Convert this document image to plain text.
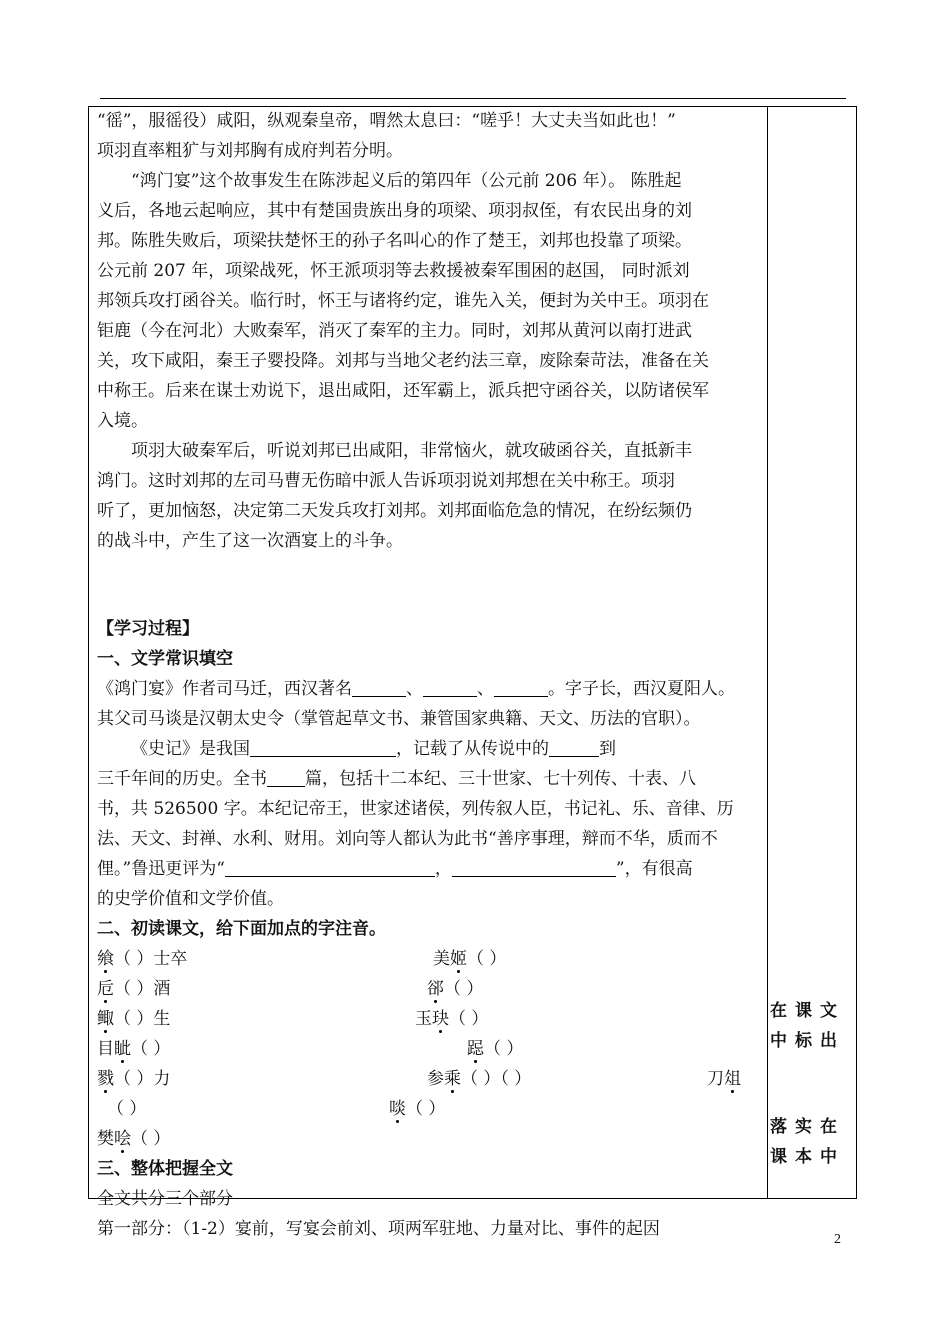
“徭”，服徭役）咸阳，纵观秦皇帝，喟然太息曰：“嗟乎！大丈夫当如此也！”

项羽直率粗犷与刘邦胸有成府判若分明。

“鸿门宴”这个故事发生在陈涉起义后的第四年（公元前 206 年）。 陈胜起

义后，各地云起响应，其中有楚国贵族出身的项梁、项羽叔侄，有农民出身的刘

邦。陈胜失败后，项梁扶楚怀王的孙子名叫心的作了楚王，刘邦也投靠了项梁。

公元前 207 年，项梁战死，怀王派项羽等去救援被秦军围困的赵国， 同时派刘

邦领兵攻打函谷关。临行时，怀王与诸将约定，谁先入关，便封为关中王。项羽在

钜鹿（今在河北）大败秦军，消灭了秦军的主力。同时，刘邦从黄河以南打进武

关，攻下咸阳，秦王子婴投降。刘邦与当地父老约法三章，废除秦苛法，准备在关

中称王。后来在谋士劝说下，退出咸阳，还军霸上，派兵把守函谷关，以防诸侯军

入境。

项羽大破秦军后，听说刘邦已出咸阳，非常恼火，就攻破函谷关，直抵新丰

鸿门。这时刘邦的左司马曹无伤暗中派人告诉项羽说刘邦想在关中称王。项羽

听了，更加恼怒，决定第二天发兵攻打刘邦。刘邦面临危急的情况，在纷纭频仍

的战斗中，产生了这一次酒宴上的斗争。

【学习过程】

一、文学常识填空

《鸿门宴》作者司马迁，西汉著名	、	、	。字子长，西汉夏阳人。

其父司马谈是汉朝太史令（掌管起草文书、兼管国家典籍、天文、历法的官职）。

《史记》是我国	，记载了从传说中的	到

三千年间的历史。全书 篇，包括十二本纪、三十世家、七十列传、十表、八

书，共 526500 字。本纪记帝王，世家述诸侯，列传叙人臣，书记礼、乐、音律、历

法、天文、封禅、水利、财用。刘向等人都认为此书“善序事理，辩而不华，质而不

俚。”鲁迅更评为“	，	”，有很高

的史学价值和文学价值。

二、初读课文，给下面加点的字注音。

飨（ ）士卒	美姬（ ）
卮（ ）酒	郤（ ）
鲰（ ）生	玉玦（ ）
目眦（ ）	跽（ ）
戮（ ）力	参乘（ ）（ ）	刀俎
（ ）	啖（ ）
樊哙（ ）

三、整体把握全文

全文共分三个部分

第一部分：（1-2）宴前，写宴会前刘、项两军驻地、力量对比、事件的起因

在课文

中标出

落实在

课本中

2
